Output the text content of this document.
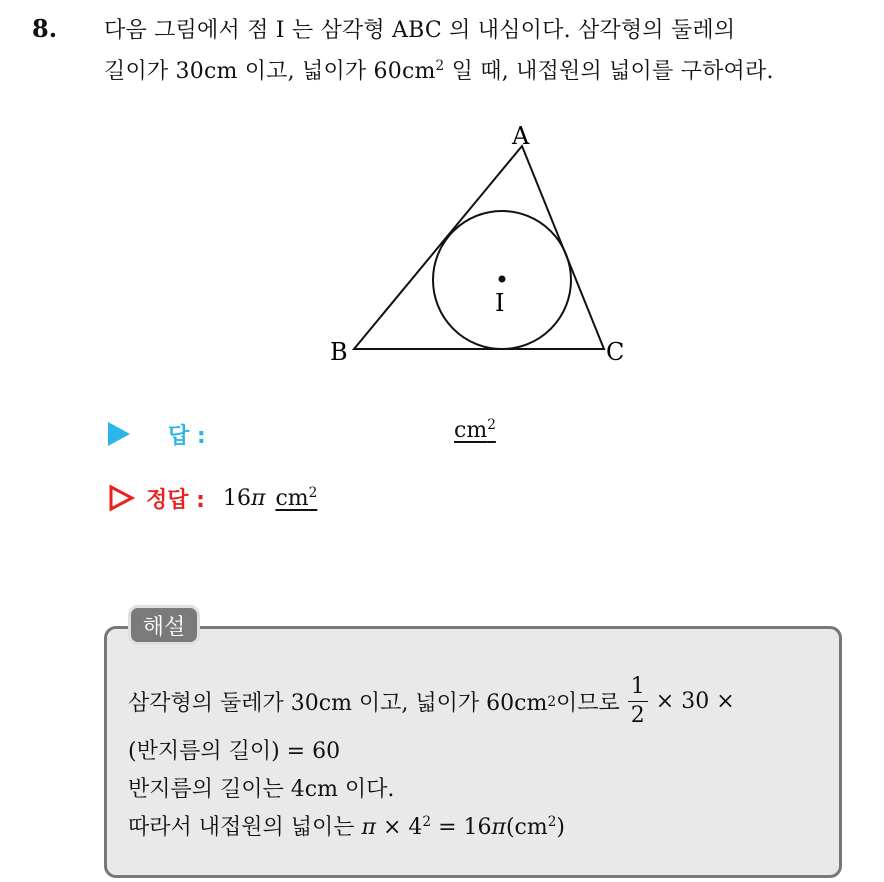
8. 다음 그림에서 점 I 는 삼각형 ABC 의 내심이다. 삼각형의 둘레의
길이가 30cm 이고, 넓이가 $60cm^2$ 일 때, 내접원의 넓이를 구하여라.
A
B	C
I
답 :	$cm^2$
정답 : 16π $cm^2$
해설
삼각형의 둘레가 30cm 이고, 넓이가 60cm 2 이므로 $\frac{1}{2} \times 30$ ×
(반지름의 길이) = 60
반지름의 길이는 4cm 이다.
따라서 내접원의 넓이는 $\pi \times 4^2 = 16\pi(cm^2)$
